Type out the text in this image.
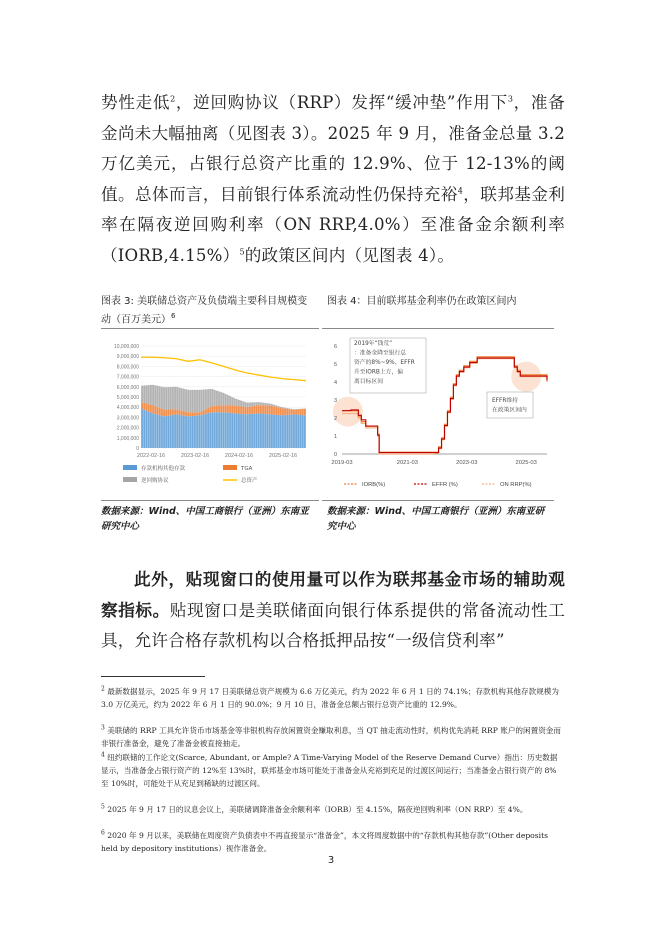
势性走低$^2$，逆回购协议（RRP）发挥“缓冲垫”作用下$^3$，准备金尚未大幅抽离（见图表 3）。2025 年 9 月，准备金总量 3.2 万亿美元，占银行总资产比重的 12.9%、位于 12-13%的阈值。总体而言，目前银行体系流动性仍保持充裕$^4$，联邦基金利率在隔夜逆回购利率（ON RRP,4.0%）至准备金余额利率（IORB,4.15%）$^5$的政策区间内（见图表 4）。
图表 3: 美联储总资产及负债端主要科目规模变动（百万美元）$^6$
图表 4：目前联邦基金利率仍在政策区间内
0
1,000,000
2,000,000
3,000,000
4,000,000
5,000,000
6,000,000
7,000,000
8,000,000
9,000,000
10,000,000
2022-02-16	2023-02-16	2024-02-16	2025-02-16
存款机构其他存款	TGA
逆回购协议	总资产
0
1
2
3
4
5
6
2019-03	2021-03	2023-03	2025-03
2019年“钱荒”：准备金降至银行总资产的8%~9%、EFFR 升至IORB上方，偏离目标区间
EFFR维持在政策区间内
IORB(%)	EFFR (%)	ON RRP(%)
数据来源：Wind、中国工商银行（亚洲）东南亚研究中心
数据来源：Wind、中国工商银行（亚洲）东南亚研究中心
此外，贴现窗口的使用量可以作为联邦基金市场的辅助观察指标。贴现窗口是美联储面向银行体系提供的常备流动性工具，允许合格存款机构以合格抵押品按“一级信贷利率”
$^2$ 最新数据显示，2025 年 9 月 17 日美联储总资产规模为 6.6 万亿美元，约为 2022 年 6 月 1 日的 74.1%；存款机构其他存款规模为 3.0 万亿美元，约为 2022 年 6 月 1 日的 90.0%；9 月 10 日，准备金总额占银行总资产比重的 12.9%。
$^3$ 美联储的 RRP 工具允许货币市场基金等非银机构存放闲置资金赚取利息，当 QT 抽走流动性时，机构优先消耗 RRP 账户的闲置资金而非银行准备金，避免了准备金被直接抽走。
$^4$ 纽约联储的工作论文(Scarce, Abundant, or Ample? A Time-Varying Model of the Reserve Demand Curve）指出：历史数据显示，当准备金占银行资产的 12%至 13%时，联邦基金市场可能处于准备金从充裕到充足的过渡区间运行；当准备金占银行资产的 8%至 10%时，可能处于从充足到稀缺的过渡区间。
$^5$ 2025 年 9 月 17 日的议息会议上，美联储调降准备金余额利率（IORB）至 4.15%，隔夜逆回购利率（ON RRP）至 4%。
$^6$ 2020 年 9 月以来，美联储在周度资产负债表中不再直接显示“准备金”，本文将周度数据中的“存款机构其他存款”(Other deposits held by depository institutions）视作准备金。
3
